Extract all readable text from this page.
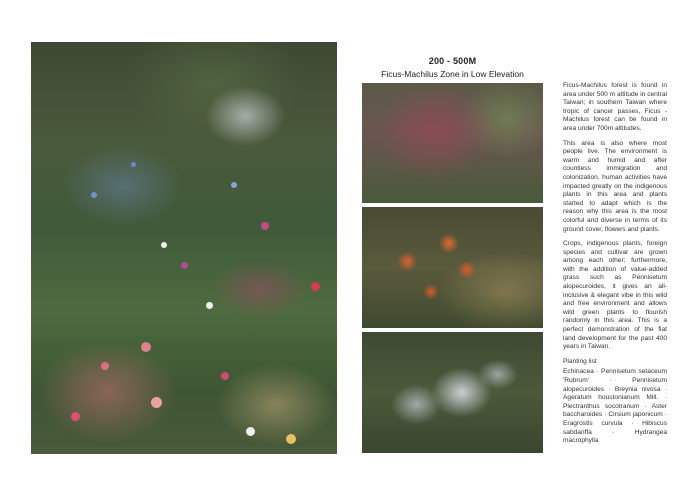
200 - 500M
Ficus-Machilus Zone in Low Elevation

Ficus-Machilus forest is found in area under 500 m altitude in central Taiwan; in southern Taiwan where tropic of cancer passes, Ficus - Machilus forest can be found in area under 700m altitudes.

This area is also where most people live. The environment is warm and humid and after countless immigration and colonization, human activities have impacted greatly on the indigenous plants in this area and plants started to adapt which is the reason why this area is the most colorful and diverse in terms of its ground cover, flowers and plants.

Crops, indigenous plants, foreign species and cultivar are grown among each other; furthermore, with the addition of value-added grass such as Pennisetum alopecuroides, it gives an all-inclusive & elegant vibe in this wild and free environment and allows wild green plants to flourish randomly in this area. This is a perfect demonstration of the flat land development for the past 400 years in Taiwan.

Planting list

Echinacea · Pennisetum setaceum 'Rubrum' · Pennisetum alopecuroides · Breynia nivosa · Ageratum houstonianum Mill. · Plectranthus socotranum · Aster baccharoides · Cirsium japonicum · Eragrostis curvula · Hibiscus sabdariffa · Hydrangea macrophylla
